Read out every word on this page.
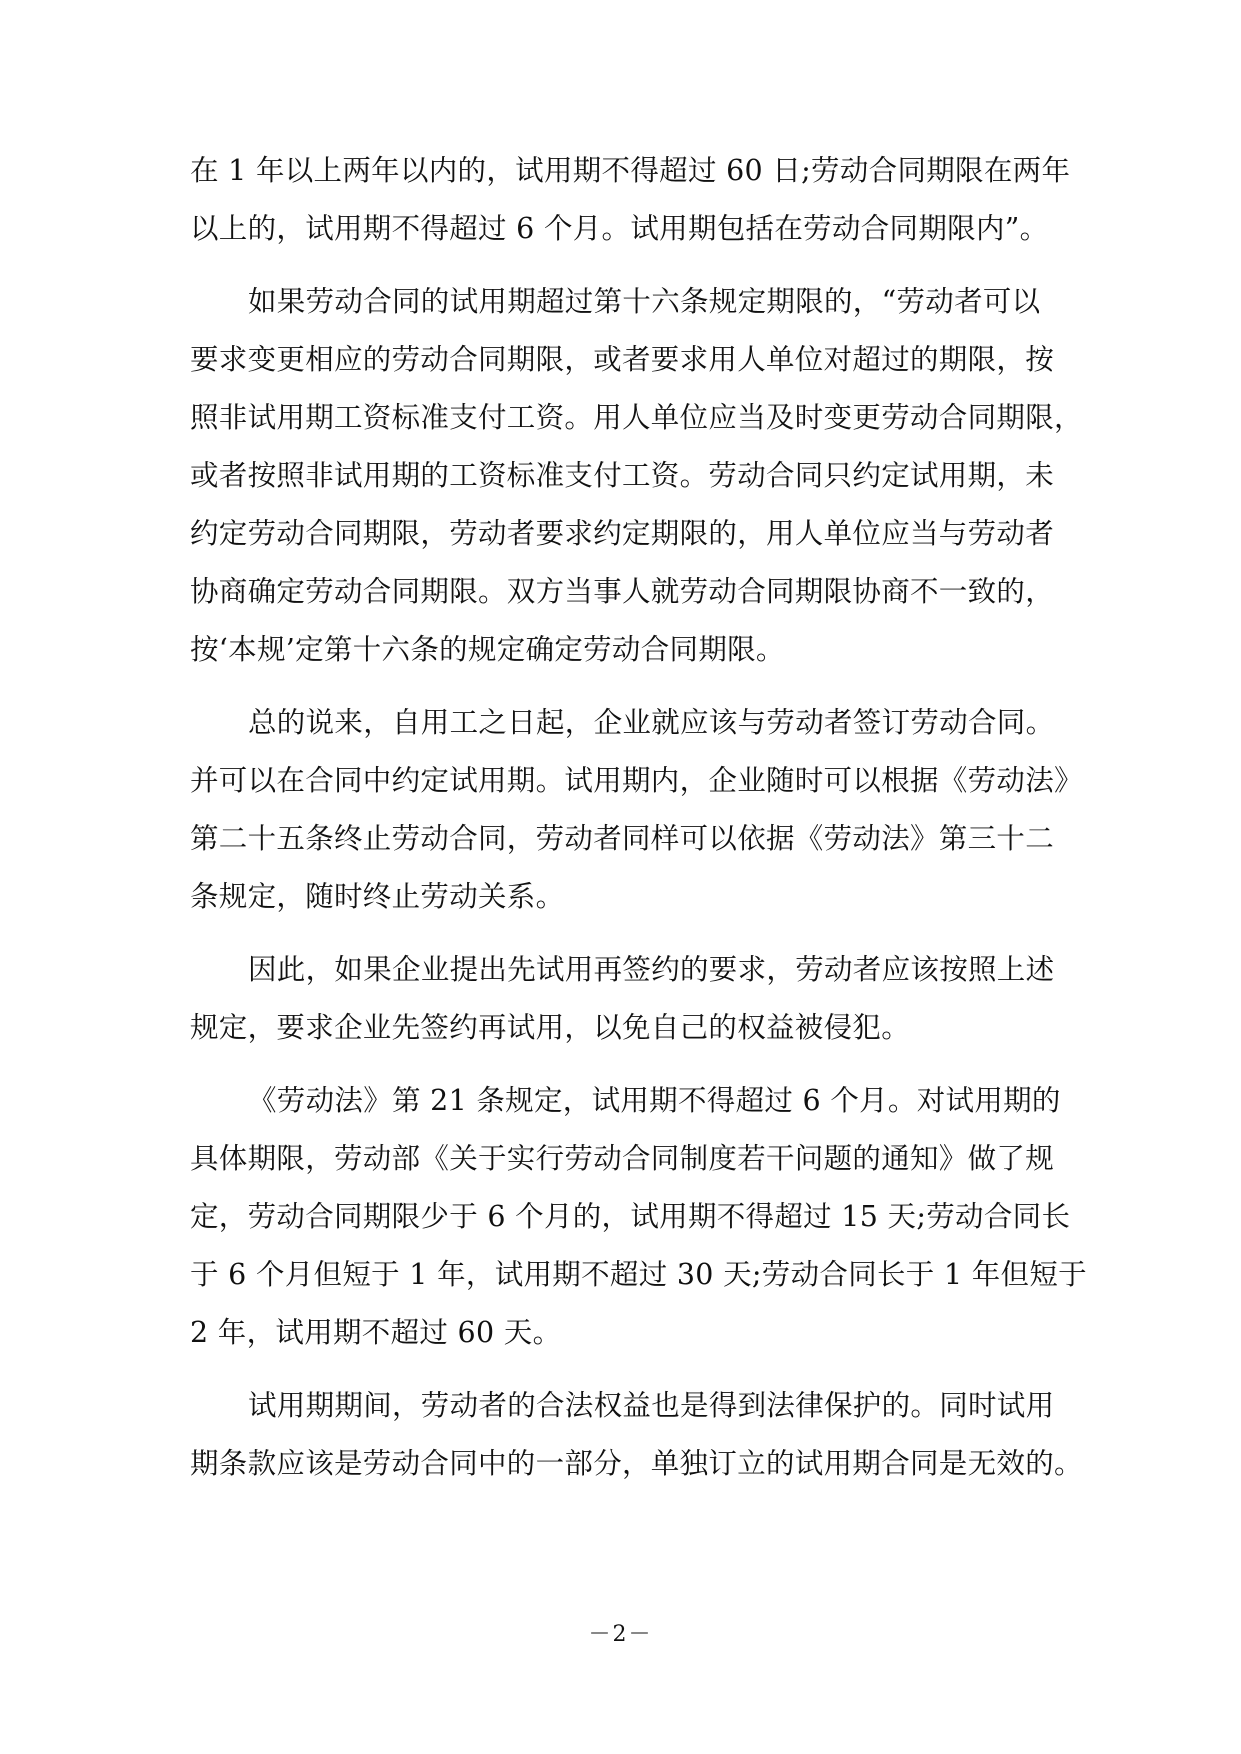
在 1 年以上两年以内的，试用期不得超过 60 日;劳动合同期限在两年
以上的，试用期不得超过 6 个月。试用期包括在劳动合同期限内”。
如果劳动合同的试用期超过第十六条规定期限的，“劳动者可以
要求变更相应的劳动合同期限，或者要求用人单位对超过的期限，按
照非试用期工资标准支付工资。用人单位应当及时变更劳动合同期限，
或者按照非试用期的工资标准支付工资。劳动合同只约定试用期，未
约定劳动合同期限，劳动者要求约定期限的，用人单位应当与劳动者
协商确定劳动合同期限。双方当事人就劳动合同期限协商不一致的，
按‘本规’定第十六条的规定确定劳动合同期限。
总的说来，自用工之日起，企业就应该与劳动者签订劳动合同。
并可以在合同中约定试用期。试用期内，企业随时可以根据《劳动法》
第二十五条终止劳动合同，劳动者同样可以依据《劳动法》第三十二
条规定，随时终止劳动关系。
因此，如果企业提出先试用再签约的要求，劳动者应该按照上述
规定，要求企业先签约再试用，以免自己的权益被侵犯。
《劳动法》第 21 条规定，试用期不得超过 6 个月。对试用期的
具体期限，劳动部《关于实行劳动合同制度若干问题的通知》做了规
定，劳动合同期限少于 6 个月的，试用期不得超过 15 天;劳动合同长
于 6 个月但短于 1 年，试用期不超过 30 天;劳动合同长于 1 年但短于
2 年，试用期不超过 60 天。
试用期期间，劳动者的合法权益也是得到法律保护的。同时试用
期条款应该是劳动合同中的一部分，单独订立的试用期合同是无效的。
－2－
